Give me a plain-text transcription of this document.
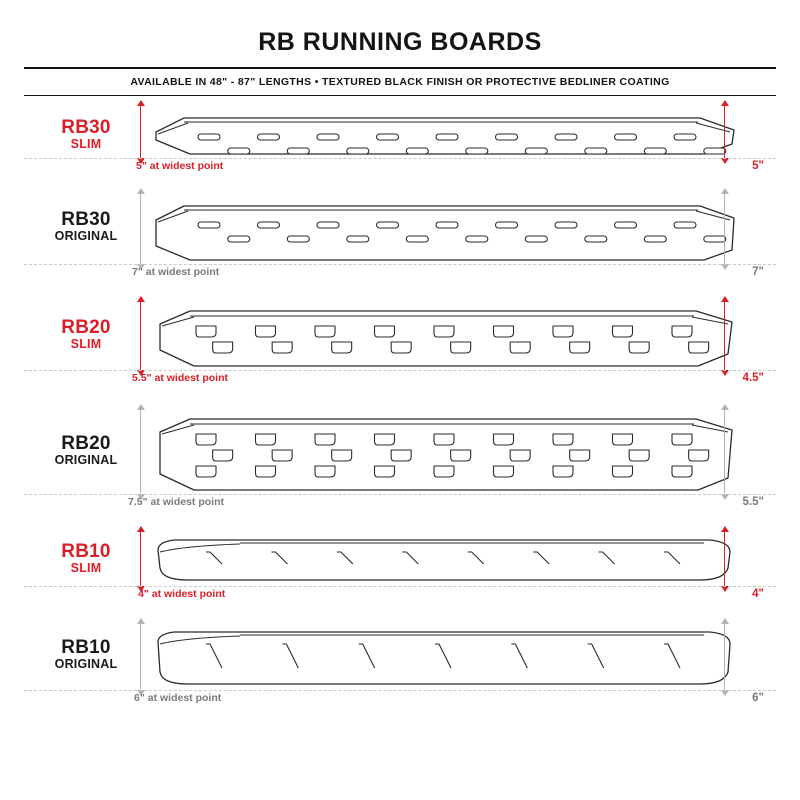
RB RUNNING BOARDS
AVAILABLE IN 48" - 87" LENGTHS • TEXTURED BLACK FINISH OR PROTECTIVE BEDLINER COATING
RB30
SLIM
5" at widest point	5"
RB30
ORIGINAL
7" at widest point	7"
RB20
SLIM
5.5" at widest point	4.5"
RB20
ORIGINAL
7.5" at widest point	5.5"
RB10
SLIM
4" at widest point	4"
RB10
ORIGINAL
6" at widest point	6"
